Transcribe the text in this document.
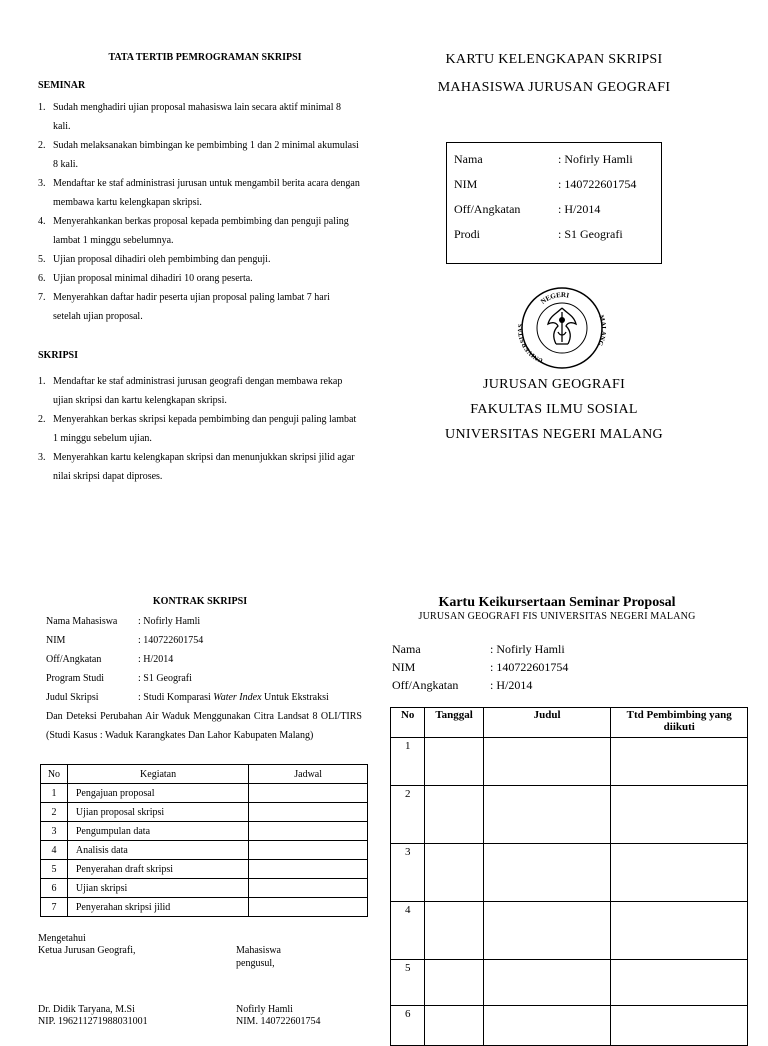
TATA TERTIB PEMROGRAMAN SKRIPSI
SEMINAR
1. Sudah menghadiri ujian proposal mahasiswa lain secara aktif minimal 8 kali.
2. Sudah melaksanakan bimbingan ke pembimbing 1 dan 2 minimal akumulasi 8 kali.
3. Mendaftar ke staf administrasi jurusan untuk mengambil berita acara dengan membawa kartu kelengkapan skripsi.
4. Menyerahkankan berkas proposal kepada pembimbing dan penguji paling lambat 1 minggu sebelumnya.
5. Ujian proposal dihadiri oleh pembimbing dan penguji.
6. Ujian proposal minimal dihadiri 10 orang peserta.
7. Menyerahkan daftar hadir peserta ujian proposal paling lambat 7 hari setelah ujian proposal.
SKRIPSI
1. Mendaftar ke staf administrasi jurusan geografi dengan membawa rekap ujian skripsi dan kartu kelengkapan skripsi.
2. Menyerahkan berkas skripsi kepada pembimbing dan penguji paling lambat 1 minggu sebelum ujian.
3. Menyerahkan kartu kelengkapan skripsi dan menunjukkan skripsi jilid agar nilai skripsi dapat diproses.
KARTU KELENGKAPAN SKRIPSI
MAHASISWA JURUSAN GEOGRAFI
Nama	: Nofirly Hamli
NIM	: 140722601754
Off/Angkatan	: H/2014
Prodi	: S1 Geografi
NEGERI
UNIVERSITAS
MALANG
JURUSAN GEOGRAFI
FAKULTAS ILMU SOSIAL
UNIVERSITAS NEGERI MALANG
KONTRAK SKRIPSI
Nama Mahasiswa	: Nofirly Hamli
NIM	: 140722601754
Off/Angkatan	: H/2014
Program Studi	: S1 Geografi
Judul Skripsi	: Studi Komparasi Water Index Untuk Ekstraksi
Dan Deteksi Perubahan Air Waduk Menggunakan Citra Landsat 8 OLI/TIRS (Studi Kasus : Waduk Karangkates Dan Lahor Kabupaten Malang)
No	Kegiatan	Jadwal
1	Pengajuan proposal	
2	Ujian proposal skripsi	
3	Pengumpulan data	
4	Analisis data	
5	Penyerahan draft skripsi	
6	Ujian skripsi	
7	Penyerahan skripsi jilid	
Mengetahui
Ketua Jurusan Geografi,
Dr. Didik Taryana, M.Si
NIP. 196211271988031001
Mahasiswa
pengusul,
Nofirly Hamli
NIM. 140722601754
Kartu Keikursertaan Seminar Proposal
JURUSAN GEOGRAFI FIS UNIVERSITAS NEGERI MALANG
Nama	: Nofirly Hamli
NIM	: 140722601754
Off/Angkatan	: H/2014
No	Tanggal	Judul	Ttd Pembimbing yang diikuti
1			
2			
3			
4			
5			
6			
